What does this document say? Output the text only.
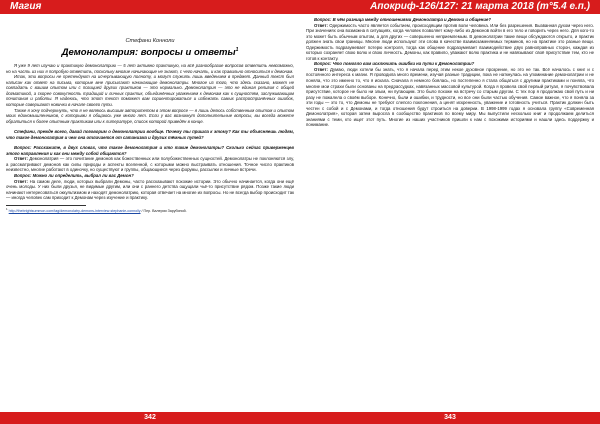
Магия	Апокриф-126/127: 21 марта 2018 (т°5.4 е.п.)
Стефани Конноли
Демонолатрия: вопросы и ответы$^1$

Я уже 9 лет изучаю и практикую демонолатрию — 5 лет активно практикую, на всё разнообразие вопросов ответить невозможно, но на часть из них я попробую ответить, поскольку многие начинающие не знают, с чего начать, и как правильно относиться к демонам.

Итак, эти вопросы не претендуют на исчерпывающую полноту, и могут служить лишь введением в предмет. Данный текст был написан как ответ на письма, которые мне присылают начинающие демонолатры. Многое из того, что здесь сказано, может не совпадать с вашим опытом или с позицией других практиков — это нормально. Демонолатрия — это не единая религия с общей догматикой, а скорее совокупность традиций и личных практик, объединённых уважением к демонам как к сущностям, заслуживающим почитания и работы. Я надеюсь, что этот текст поможет вам сориентироваться и избежать самых распространённых ошибок, которые совершают новички в начале своего пути.

Также я хочу подчеркнуть, что я не являюсь высшим авторитетом в этом вопросе — я лишь делюсь собственным опытом и опытом моих единомышленников, с которыми я общаюсь уже много лет. Если у вас возникнут дополнительные вопросы, вы всегда можете обратиться к более опытным практикам или к литературе, список которой приведён в конце.

Стефани, прежде всего, давай поговорим о демонолатрии вообще. Почему ты пришла к этому? Как ты объясняешь людям, что такое демонолатрия и чем она отличается от сатанизма и других тёмных путей?

Вопрос: Расскажите, в двух словах, что такое демонолатрия и кто такие демонолатры? Сколько сейчас приверженцев этого направления и как они между собой общаются?

Ответ: Демонолатрия — это почитание демонов как божественных или полубожественных сущностей. Демонолатры не поклоняются злу, а рассматривают демонов как силы природы и аспекты вселенной, с которыми можно выстраивать отношения. Точное число практиков неизвестно, многие работают в одиночку, но существуют и группы, общающиеся через форумы, рассылки и личные встречи.

Вопрос: Можно ли определить, выбрал ли вас Демон?

Ответ: На самом деле, люди, которых выбрали Демоны, часто рассказывают похожие истории. Это обычно начинается, когда они ещё очень молоды. У них были друзья, не видимые другим, или они с раннего детства ощущали чьё-то присутствие рядом. Позже такие люди начинают интересоваться оккультизмом и находят демонолатрию, которая отвечает на многие их вопросы. Но не всегда выбор происходит так — иногда человек сам приходит к Демонам через изучение и практику.

$^1$ http://thebrightsummon.com/tag/demonolatry-demons-interview-stephanie-connolly / Пер. Валерии Зарубиной.

Вопрос: В чём разница между отношениями Демонолатра и Демона и общение?

Ответ: Одержимость часто является событием, происходящим против воли человека. Или без разрешения. Вызванная духом через него. При значениях она возможна в ситуациях, когда человек позволяет кому-либо из Демонов войти в его тело и говорить через него. Для кого-то это может быть обычным опытом, а для других — совершенно неприемлемым. В демонолатрии такие вещи обсуждаются открыто, и практик должен знать свои границы. Многие люди используют эти слова в качестве взаимозаменяемых терминов, но на практике это разные вещи. Одержимость подразумевает потерю контроля, тогда как общение подразумевает взаимодействие двух равноправных сторон, каждая из которых сохраняет свою волю и свою личность. Демоны, как правило, уважают волю практика и не навязывают своё присутствие тем, кто не готов к контакту.

Вопрос: Что помогло вам исключить ошибки на пути к Демонолатрии?

Ответ: Думаю, люди хотели бы знать, что я начала перед этим некое духовное прозрение, но это не так. Всё началось с книг и с постоянного интереса к магии. Я проводила много времени, изучая разные традиции, пока не наткнулась на упоминание демонолатрии и не поняла, что это именно то, что я искала. Сначала я немного боялась, но постепенно я стала общаться с другими практиками и поняла, что многие мои страхи были основаны на предрассудках, навязанных массовой культурой. Когда я провела свой первый ритуал, я почувствовала присутствие, которое не было ни злым, ни пугающим. Это было похоже на встречу со старым другом. С тех пор я продолжаю свой путь и ни разу не пожалела о своём выборе. Конечно, были и ошибки, и трудности, но все они были частью обучения. Самое важное, что я поняла за эти годы — это то, что Демоны не требуют слепого поклонения, а ценят искренность, уважение и готовность учиться. Практик должен быть честен с собой и с Демонами, и тогда отношения будут строиться на доверии. В 1998-1999 годах я основала группу «Современная Демонолатрия», которая затем выросла в сообщество практиков по всему миру. Мы выпустили несколько книг и продолжаем делиться знаниями с теми, кто ищет этот путь. Многие из наших участников пришли к нам с похожими историями и нашли здесь поддержку и понимание.

342	343
